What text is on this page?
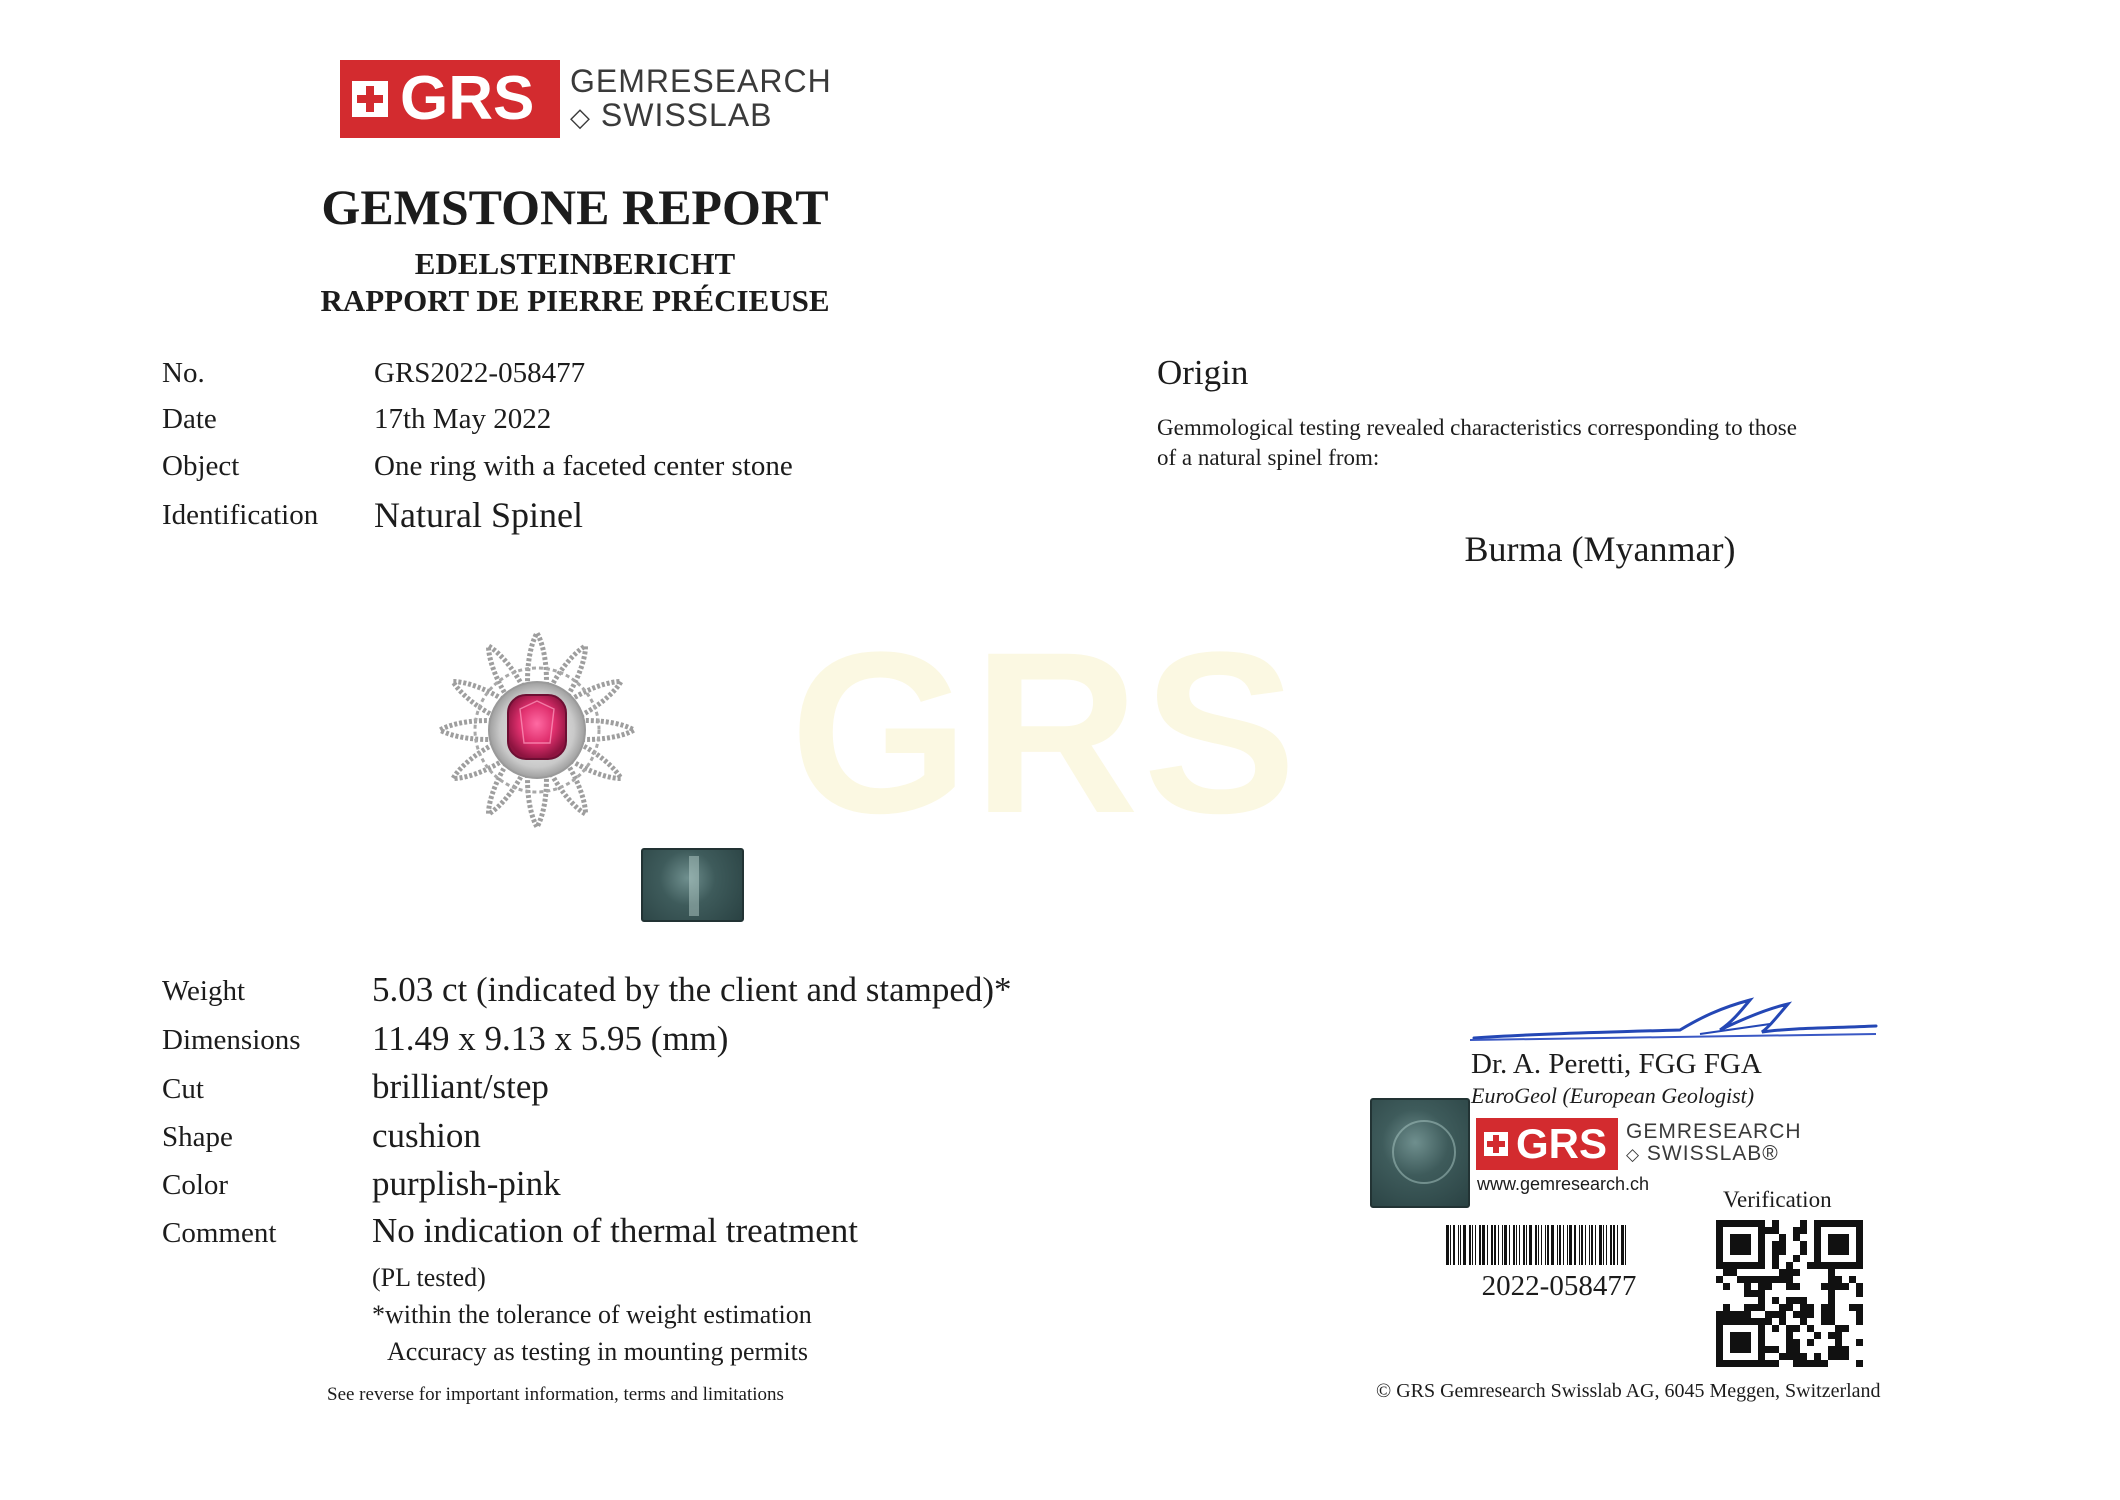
GRS
GRS GEMRESEARCH
◇ SWISSLAB
GEMSTONE REPORT
EDELSTEINBERICHT
RAPPORT DE PIERRE PRÉCIEUSE
No.	GRS2022-058477
Date	17th May 2022
Object	One ring with a faceted center stone
Identification Natural Spinel
Origin
Gemmological testing revealed characteristics corresponding to those
of a natural spinel from:
Burma (Myanmar)
Weight	5.03 ct (indicated by the client and stamped)*
Dimensions 11.49 x 9.13 x 5.95 (mm)
Cut	brilliant/step
Shape	cushion
Color	purplish-pink
Comment	No indication of thermal treatment
(PL tested)
*within the tolerance of weight estimation
Accuracy as testing in mounting permits
See reverse for important information, terms and limitations
Dr. A. Peretti, FGG FGA
EuroGeol (European Geologist)
GRS GEMRESEARCH
◇ SWISSLAB®
www.gemresearch.ch
Verification
2022-058477
© GRS Gemresearch Swisslab AG, 6045 Meggen, Switzerland
